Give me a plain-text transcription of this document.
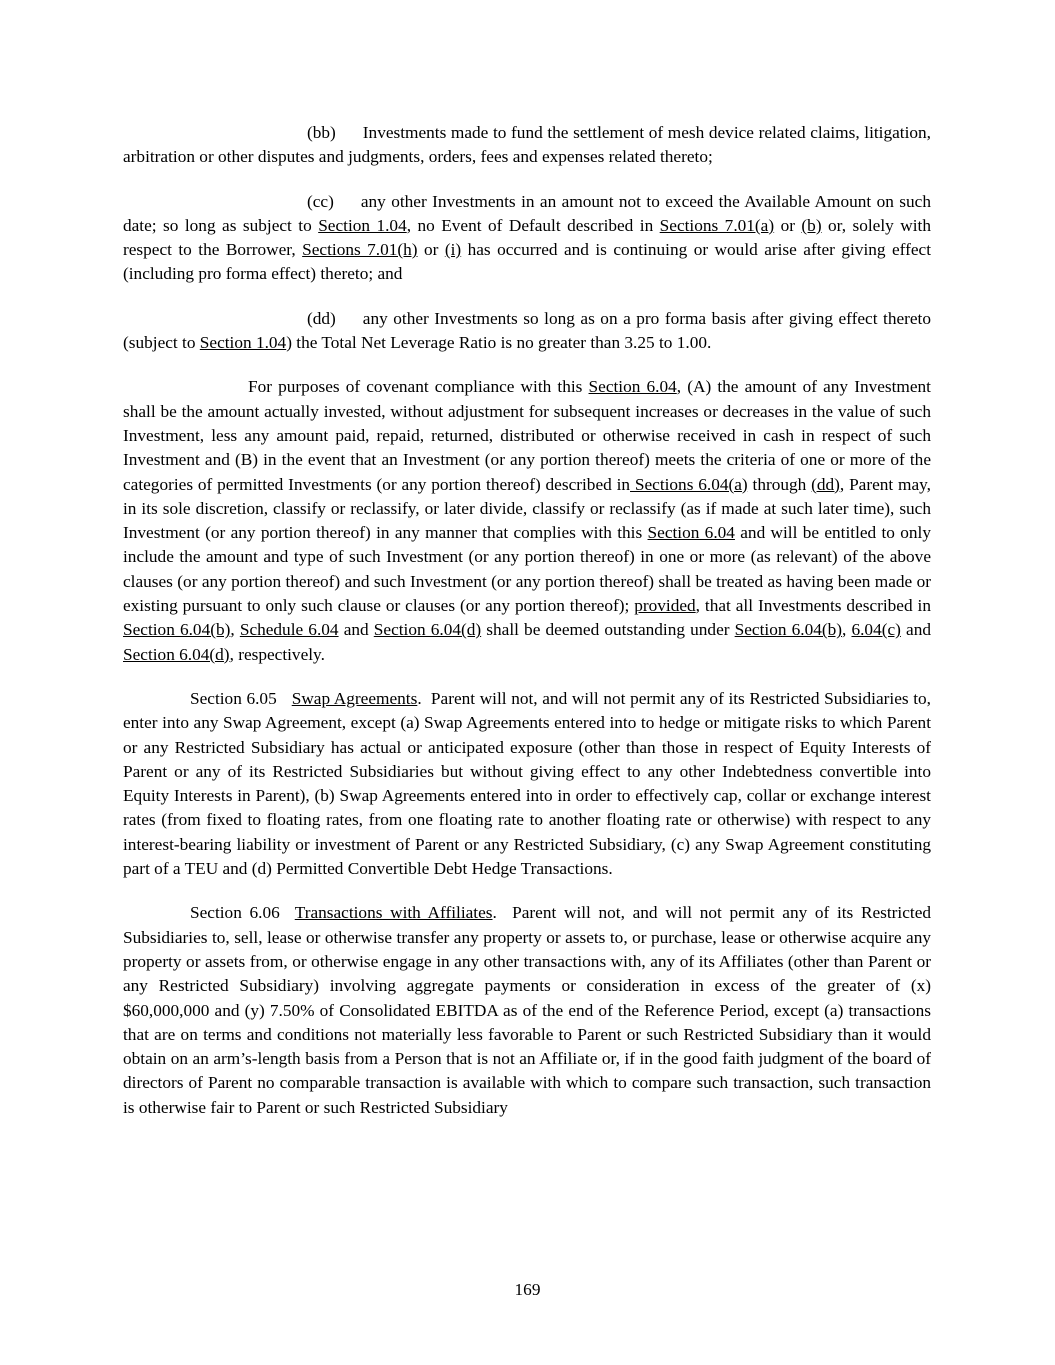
(bb) Investments made to fund the settlement of mesh device related claims, litigation, arbitration or other disputes and judgments, orders, fees and expenses related thereto;

(cc) any other Investments in an amount not to exceed the Available Amount on such date; so long as subject to Section 1.04, no Event of Default described in Sections 7.01(a) or (b) or, solely with respect to the Borrower, Sections 7.01(h) or (i) has occurred and is continuing or would arise after giving effect (including pro forma effect) thereto; and

(dd) any other Investments so long as on a pro forma basis after giving effect thereto (subject to Section 1.04) the Total Net Leverage Ratio is no greater than 3.25 to 1.00.

For purposes of covenant compliance with this Section 6.04, (A) the amount of any Investment shall be the amount actually invested, without adjustment for subsequent increases or decreases in the value of such Investment, less any amount paid, repaid, returned, distributed or otherwise received in cash in respect of such Investment and (B) in the event that an Investment (or any portion thereof) meets the criteria of one or more of the categories of permitted Investments (or any portion thereof) described in Sections 6.04(a) through (dd), Parent may, in its sole discretion, classify or reclassify, or later divide, classify or reclassify (as if made at such later time), such Investment (or any portion thereof) in any manner that complies with this Section 6.04 and will be entitled to only include the amount and type of such Investment (or any portion thereof) in one or more (as relevant) of the above clauses (or any portion thereof) and such Investment (or any portion thereof) shall be treated as having been made or existing pursuant to only such clause or clauses (or any portion thereof); provided, that all Investments described in Section 6.04(b), Schedule 6.04 and Section 6.04(d) shall be deemed outstanding under Section 6.04(b), 6.04(c) and Section 6.04(d), respectively.

Section 6.05 Swap Agreements.  Parent will not, and will not permit any of its Restricted Subsidiaries to, enter into any Swap Agreement, except (a) Swap Agreements entered into to hedge or mitigate risks to which Parent or any Restricted Subsidiary has actual or anticipated exposure (other than those in respect of Equity Interests of Parent or any of its Restricted Subsidiaries but without giving effect to any other Indebtedness convertible into Equity Interests in Parent), (b) Swap Agreements entered into in order to effectively cap, collar or exchange interest rates (from fixed to floating rates, from one floating rate to another floating rate or otherwise) with respect to any interest-bearing liability or investment of Parent or any Restricted Subsidiary, (c) any Swap Agreement constituting part of a TEU and (d) Permitted Convertible Debt Hedge Transactions.

Section 6.06 Transactions with Affiliates.  Parent will not, and will not permit any of its Restricted Subsidiaries to, sell, lease or otherwise transfer any property or assets to, or purchase, lease or otherwise acquire any property or assets from, or otherwise engage in any other transactions with, any of its Affiliates (other than Parent or any Restricted Subsidiary) involving aggregate payments or consideration in excess of the greater of (x) $60,000,000 and (y) 7.50% of Consolidated EBITDA as of the end of the Reference Period, except (a) transactions that are on terms and conditions not materially less favorable to Parent or such Restricted Subsidiary than it would obtain on an arm’s-length basis from a Person that is not an Affiliate or, if in the good faith judgment of the board of directors of Parent no comparable transaction is available with which to compare such transaction, such transaction is otherwise fair to Parent or such Restricted Subsidiary

169
